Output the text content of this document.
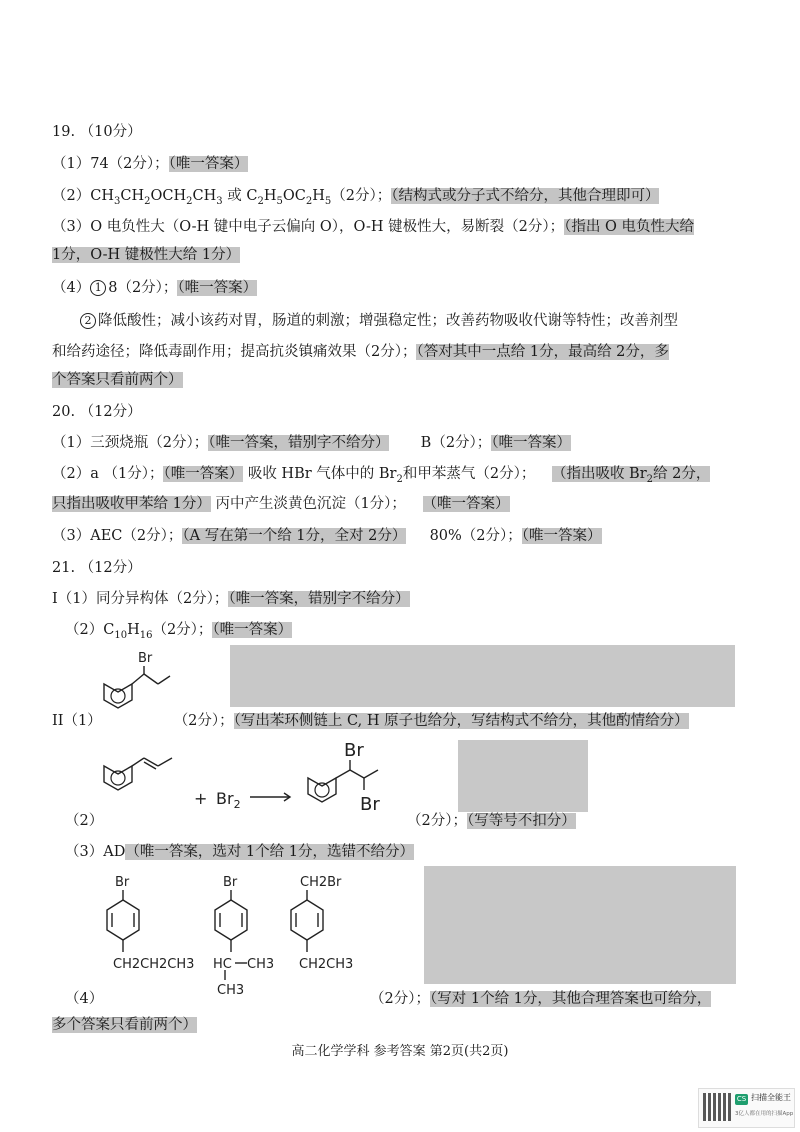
19. （10分）
（1）74（2分）；（唯一答案）
$(2)CH_3CH_2OCH_2CH_3$ 或 $C_2H_5OC_2H_5(2$分）；（结构式或分子式不给分，其他合理即可）
（3）O 电负性大（O-H 键中电子云偏向 O），O-H 键极性大，易断裂（2分）；（指出 O 电负性大给
1分，O-H 键极性大给 1分）
（4） 1 8（2分）；（唯一答案）
2 降低酸性；减小该药对胃，肠道的刺激；增强稳定性；改善药物吸收代谢等特性；改善剂型
和给药途径；降低毒副作用；提高抗炎镇痛效果（2分）；（答对其中一点给 1分，最高给 2分，多
个答案只看前两个）
20. （12分）
（1）三颈烧瓶（2分）；（唯一答案，错别字不给分） B（2分）；（唯一答案）
（2）a （1分）；（唯一答案） 吸收 HBr 气体中的 $Br_2$和甲苯蒸气（2分）； （指出吸收 $Br_2$给 2分，
只指出吸收甲苯给 1分） 丙中产生淡黄色沉淀（1分）； （唯一答案）
（3）AEC（2分）；（A 写在第一个给 1分，全对 2分） 80%（2分）；（唯一答案）
21. （12分）
I（1）同分异构体（2分）；（唯一答案，错别字不给分）
$(2)C_{10}H_{16}(2$分）；（唯一答案）
Br
II（1）	（2分）；（写出苯环侧链上 C, H 原子也给分，写结构式不给分，其他酌情给分）
+ $Br_2$
Br
Br
（2）	（2分）；（写等号不扣分）
（3）AD（唯一答案，选对 1个给 1分，选错不给分）
Br
CH2CH2CH3
Br
HC CH3
CH3
CH2Br
CH2CH3
（4）	（2分）；（写对 1个给 1分，其他合理答案也可给分，
多个答案只看前两个）
高二化学学科 参考答案 第2页(共2页)
CS 扫描全能王
3亿人都在用的扫描App
